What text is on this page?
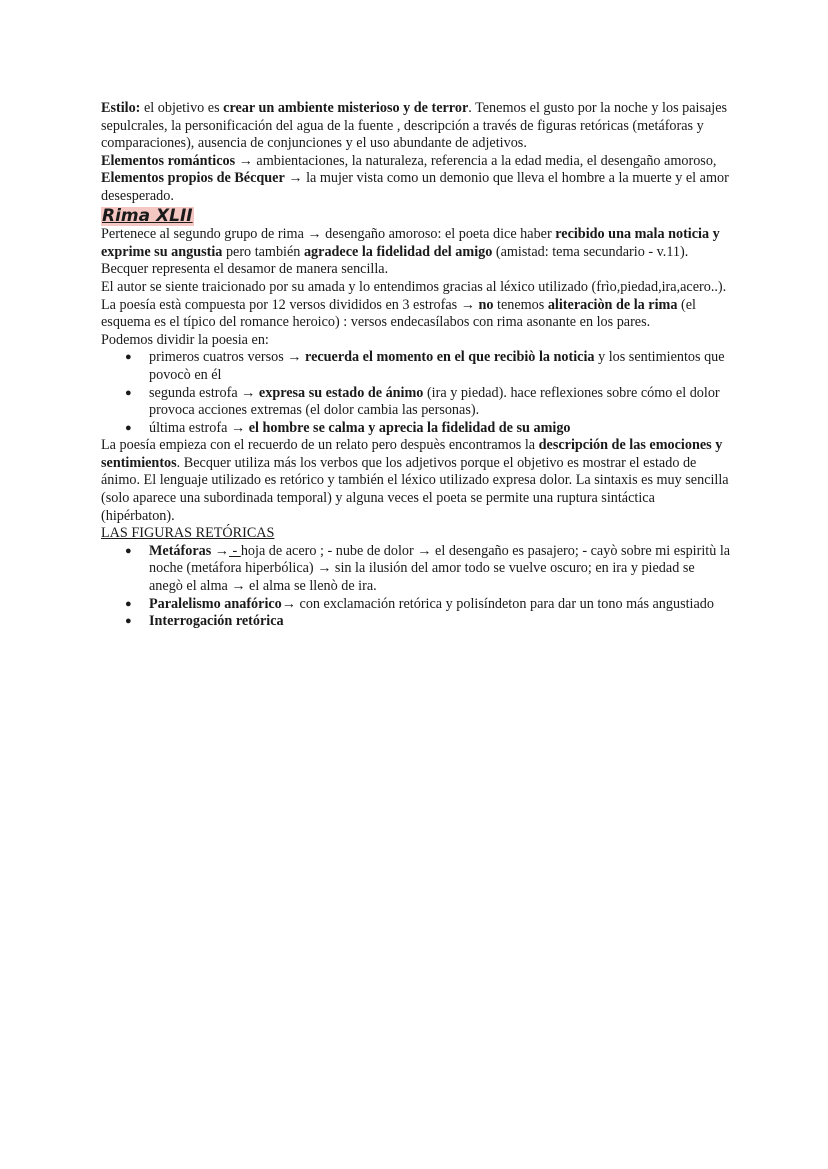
Estilo: el objetivo es crear un ambiente misterioso y de terror. Tenemos el gusto por la noche y los paisajes sepulcrales, la personificación del agua de la fuente , descripción a través de figuras retóricas (metáforas y comparaciones), ausencia de conjunciones y el uso abundante de adjetivos.

Elementos románticos → ambientaciones, la naturaleza, referencia a la edad media, el desengaño amoroso,

Elementos propios de Bécquer → la mujer vista como un demonio que lleva el hombre a la muerte y el amor desesperado.

Rima XLII

Pertenece al segundo grupo de rima → desengaño amoroso: el poeta dice haber recibido una mala noticia y exprime su angustia pero también agradece la fidelidad del amigo (amistad: tema secundario - v.11). Becquer representa el desamor de manera sencilla.

El autor se siente traicionado por su amada y lo entendimos gracias al léxico utilizado (frìo,piedad,ira,acero..).

La poesía està compuesta por 12 versos divididos en 3 estrofas → no tenemos aliteraciòn de la rima (el esquema es el típico del romance heroico) : versos endecasílabos con rima asonante en los pares.

Podemos dividir la poesia en:

● primeros cuatros versos → recuerda el momento en el que recibiò la noticia y los sentimientos que povocò en él
● segunda estrofa → expresa su estado de ánimo (ira y piedad). hace reflexiones sobre cómo el dolor provoca acciones extremas (el dolor cambia las personas).
● última estrofa → el hombre se calma y aprecia la fidelidad de su amigo

La poesía empieza con el recuerdo de un relato pero despuès encontramos la descripción de las emociones y sentimientos. Becquer utiliza más los verbos que los adjetivos porque el objetivo es mostrar el estado de ánimo. El lenguaje utilizado es retórico y también el léxico utilizado expresa dolor. La sintaxis es muy sencilla (solo aparece una subordinada temporal) y alguna veces el poeta se permite una ruptura sintáctica (hipérbaton).

LAS FIGURAS RETÓRICAS

● Metáforas → - hoja de acero ; - nube de dolor → el desengaño es pasajero; - cayò sobre mi espiritù la noche (metáfora hiperbólica) → sin la ilusión del amor todo se vuelve oscuro; en ira y piedad se anegò el alma → el alma se llenò de ira.
● Paralelismo anafórico→ con exclamación retórica y polisíndeton para dar un tono más angustiado
● Interrogación retórica
